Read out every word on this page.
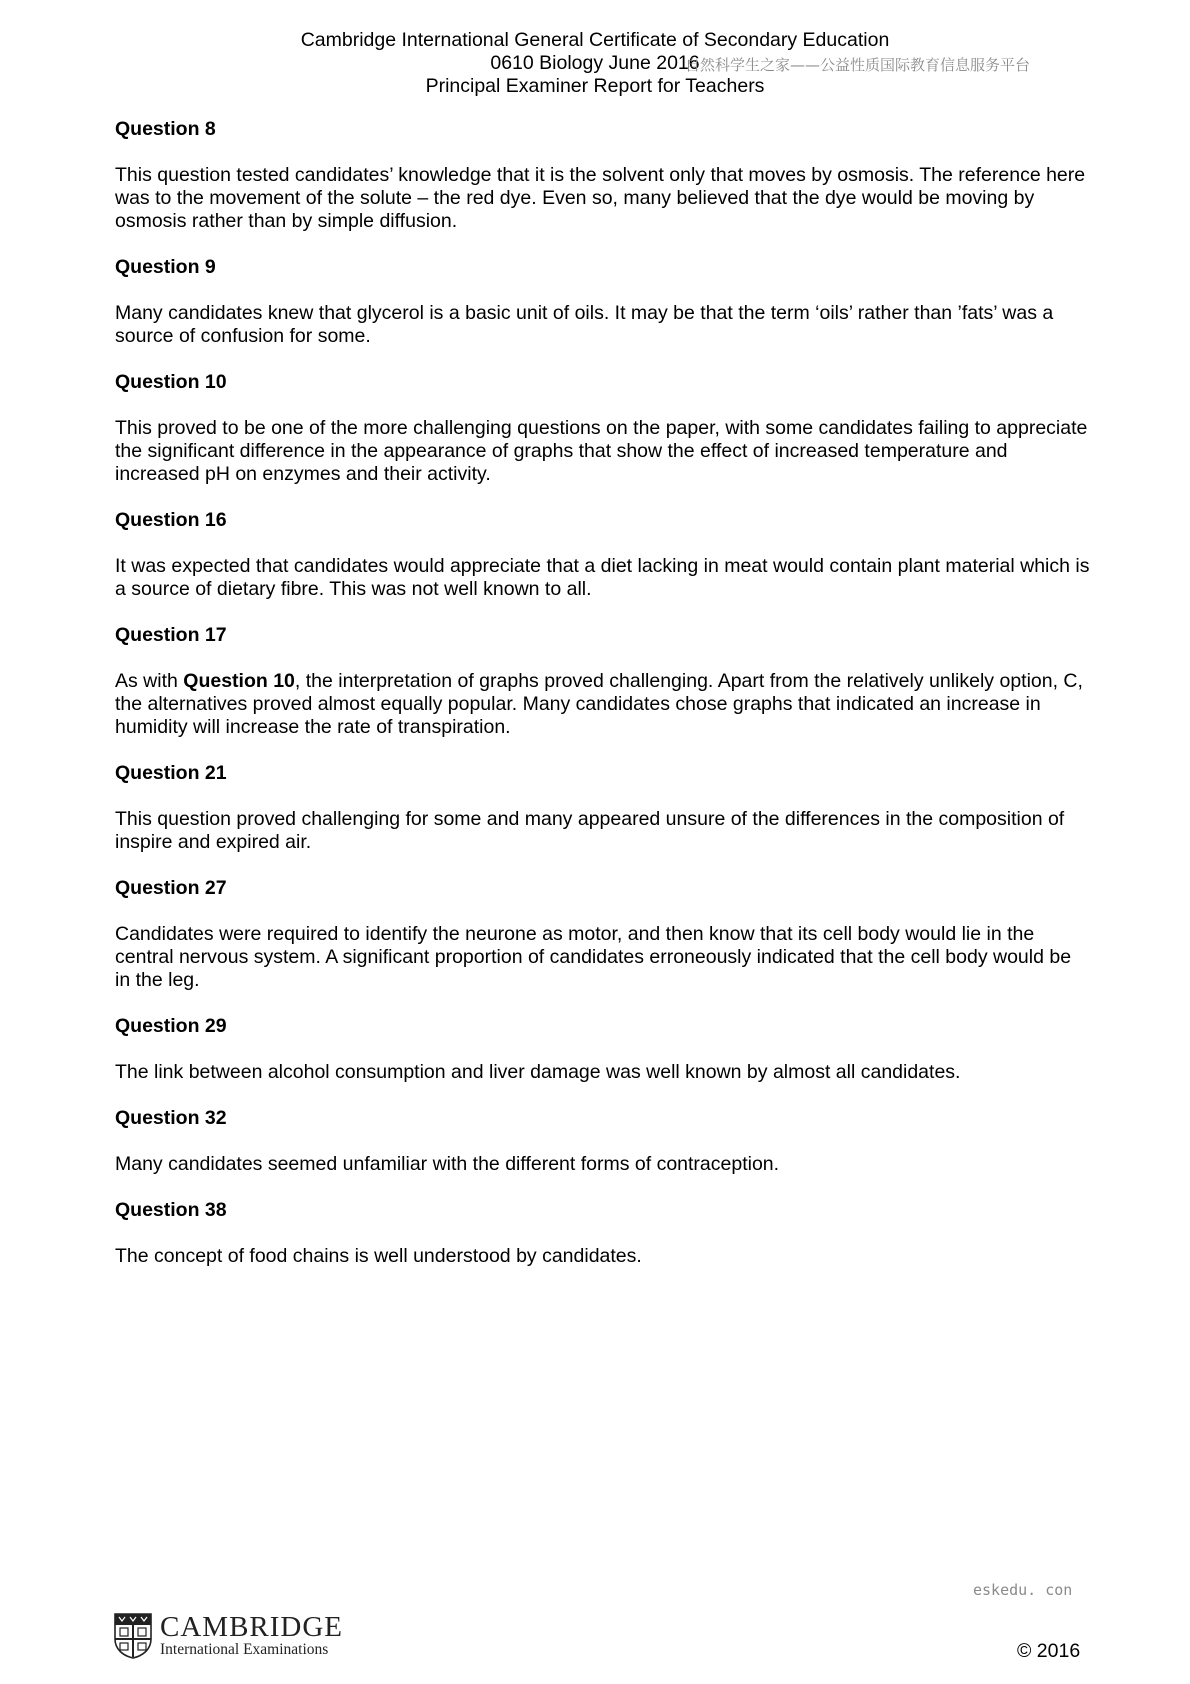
Cambridge International General Certificate of Secondary Education
0610 Biology June 2016
Principal Examiner Report for Teachers
自然科学生之家——公益性质国际教育信息服务平台
Question 8
This question tested candidates’ knowledge that it is the solvent only that moves by osmosis. The reference here was to the movement of the solute – the red dye. Even so, many believed that the dye would be moving by osmosis rather than by simple diffusion.
Question 9
Many candidates knew that glycerol is a basic unit of oils. It may be that the term ‘oils’ rather than ’fats’ was a source of confusion for some.
Question 10
This proved to be one of the more challenging questions on the paper, with some candidates failing to appreciate the significant difference in the appearance of graphs that show the effect of increased temperature and increased pH on enzymes and their activity.
Question 16
It was expected that candidates would appreciate that a diet lacking in meat would contain plant material which is a source of dietary fibre. This was not well known to all.
Question 17
As with Question 10, the interpretation of graphs proved challenging. Apart from the relatively unlikely option, C, the alternatives proved almost equally popular. Many candidates chose graphs that indicated an increase in humidity will increase the rate of transpiration.
Question 21
This question proved challenging for some and many appeared unsure of the differences in the composition of inspire and expired air.
Question 27
Candidates were required to identify the neurone as motor, and then know that its cell body would lie in the central nervous system. A significant proportion of candidates erroneously indicated that the cell body would be in the leg.
Question 29
The link between alcohol consumption and liver damage was well known by almost all candidates.
Question 32
Many candidates seemed unfamiliar with the different forms of contraception.
Question 38
The concept of food chains is well understood by candidates.
eskedu. con
CAMBRIDGE
International Examinations	© 2016
